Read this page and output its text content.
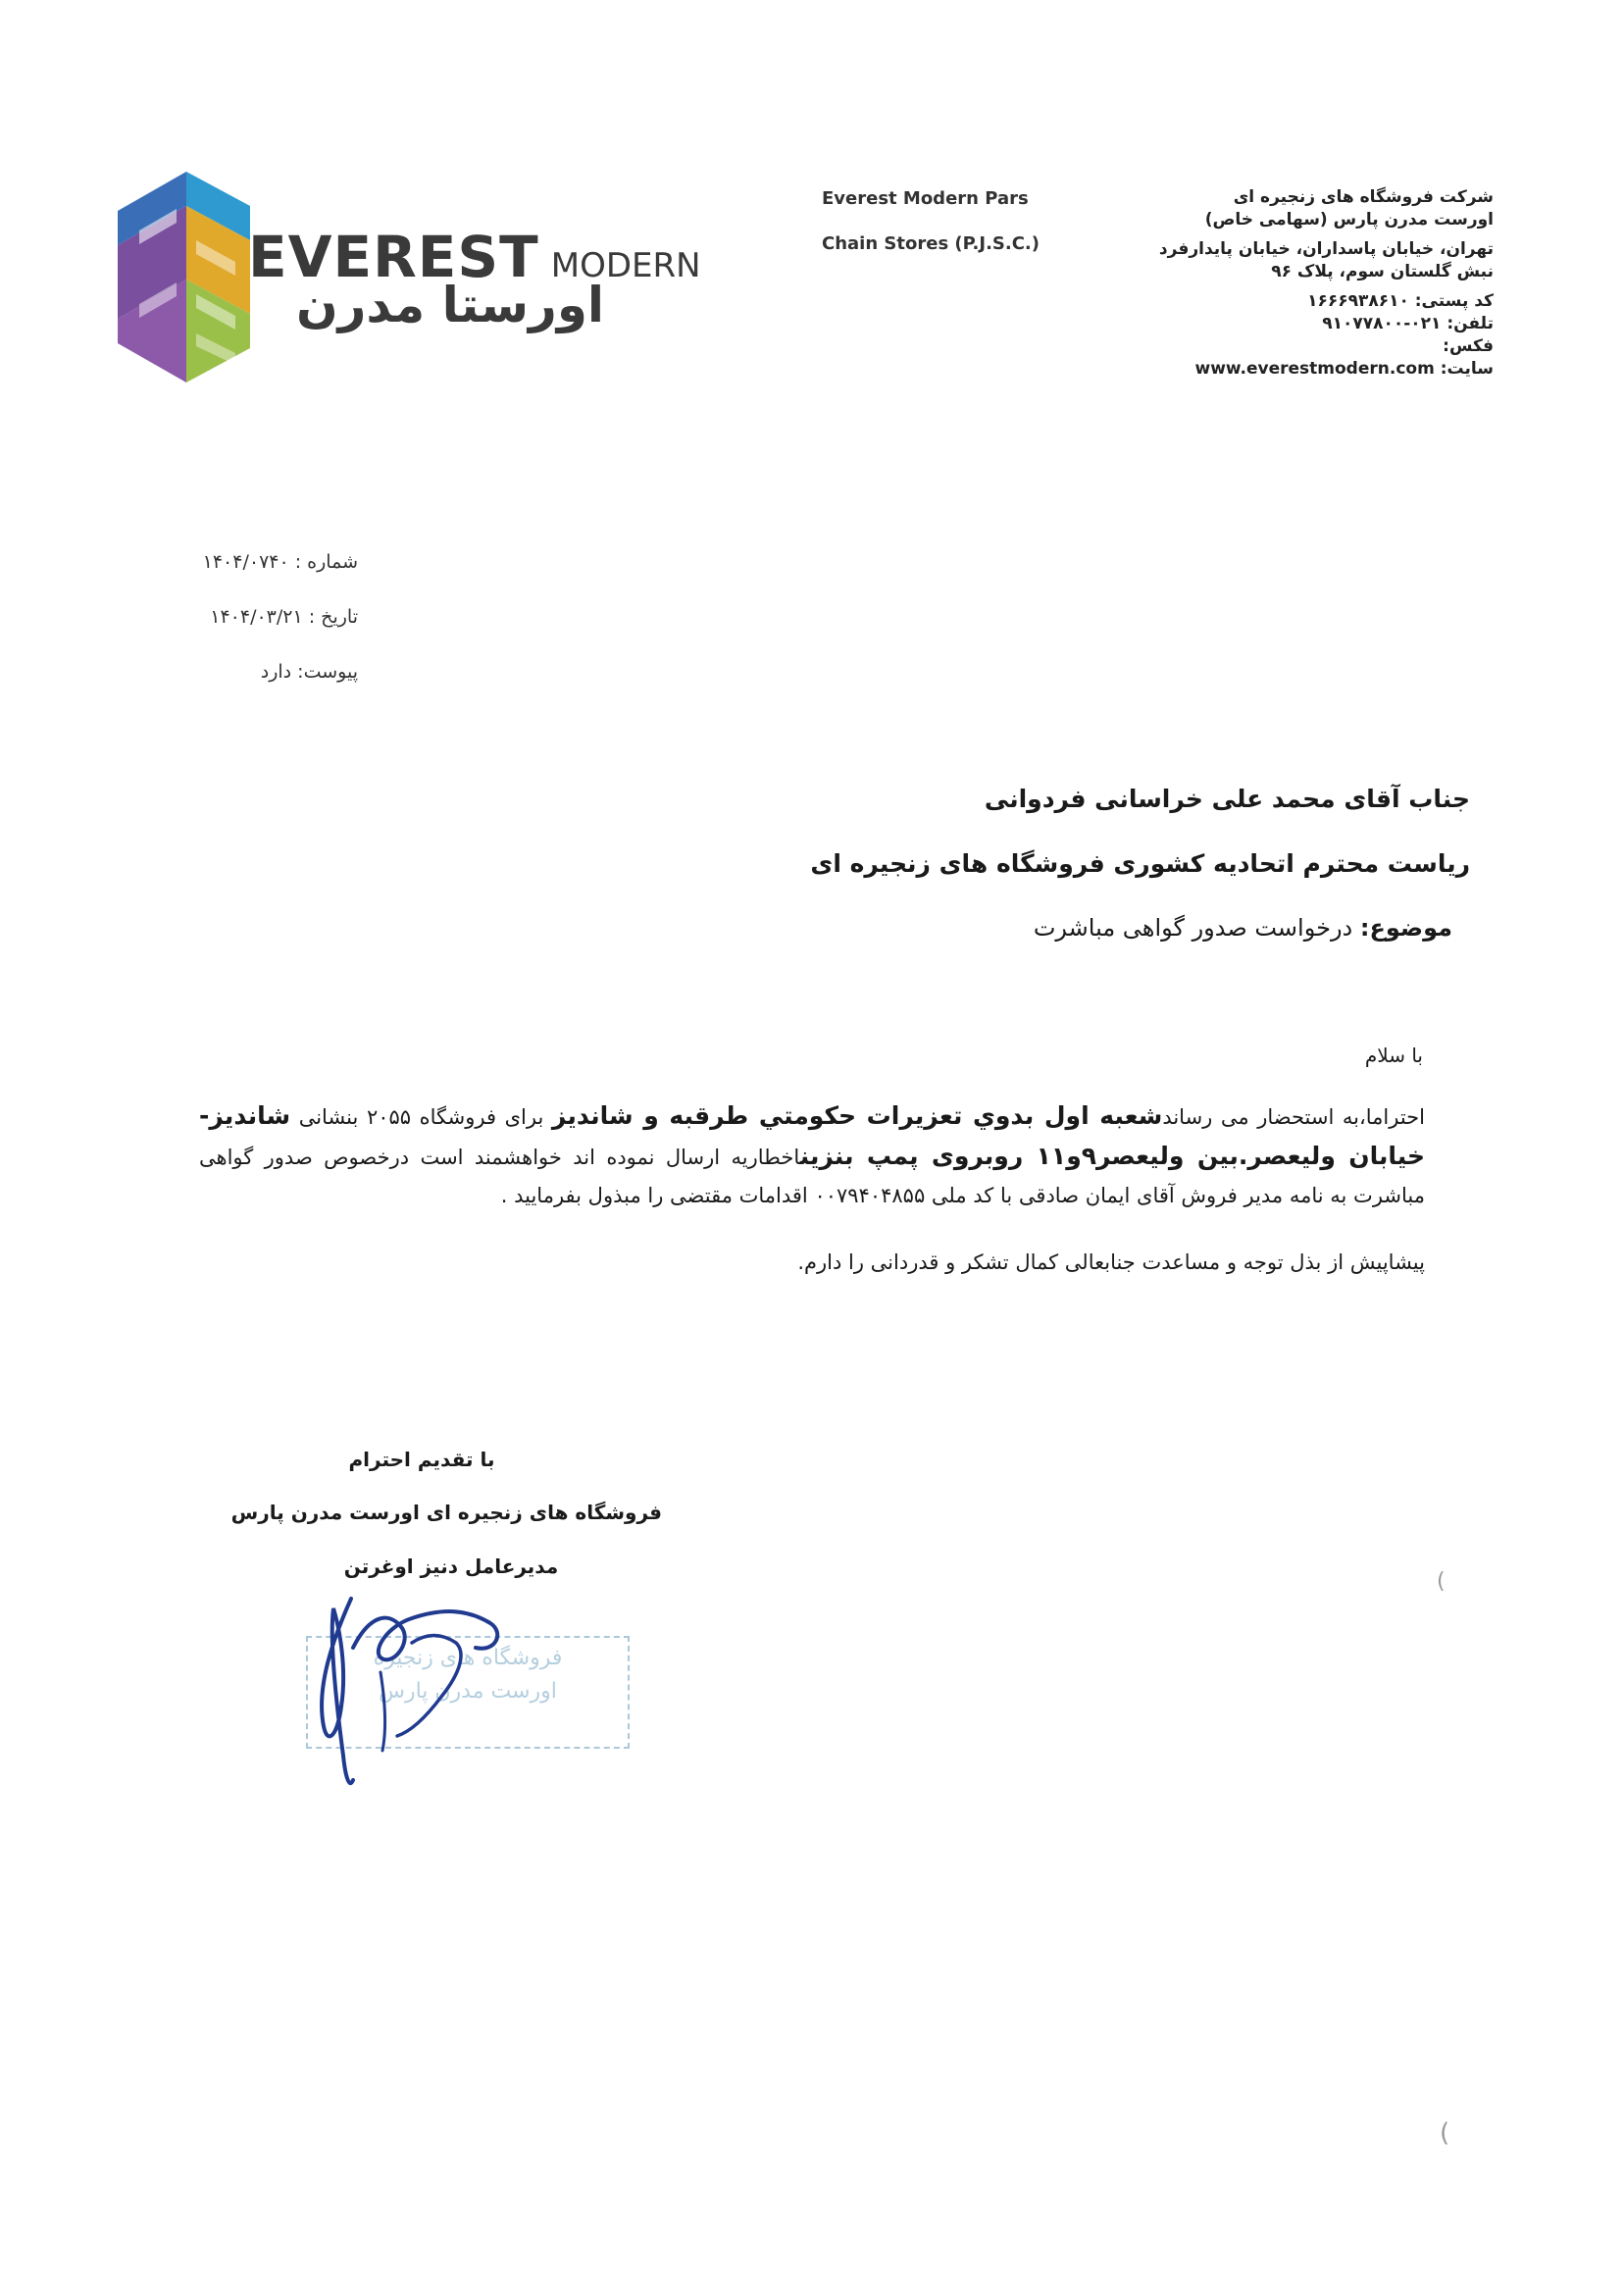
EVEREST MODERN
اورستا مدرن
Everest Modern Pars
Chain Stores (P.J.S.C.)
شرکت فروشگاه های زنجیره ای
اورست مدرن پارس (سهامی خاص)
تهران، خیابان پاسداران، خیابان پایدارفرد
نبش گلستان سوم، پلاک ۹۶
کد پستی: ۱۶۶۶۹۳۸۶۱۰
تلفن: ۰۲۱-۹۱۰۷۷۸۰۰
فکس:
سایت: www.everestmodern.com
شماره : ۱۴۰۴/۰۷۴۰
تاریخ : ۱۴۰۴/۰۳/۲۱
پیوست: دارد
جناب آقای محمد علی خراسانی فردوانی
ریاست محترم اتحادیه کشوری فروشگاه های زنجیره ای
موضوع: درخواست صدور گواهی مباشرت
با سلام
احتراما،به استحضار می رساندشعبه اول بدوي تعزيرات حكومتي طرقبه و شانديز برای فروشگاه ۲۰۵۵ بنشانی شانديز- خيابان وليعصر.بين وليعصر۹و۱۱ روبروی پمپ بنزيناخطاریه ارسال نموده اند خواهشمند است درخصوص صدور گواهی مباشرت به نامه مدیر فروش آقای ایمان صادقی با کد ملی ۰۰۷۹۴۰۴۸۵۵ اقدامات مقتضی را مبذول بفرمایید .
پیشاپیش از بذل توجه و مساعدت جنابعالی کمال تشکر و قدردانی را دارم.
با تقدیم احترام
فروشگاه های زنجیره ای اورست مدرن پارس
مدیرعامل دنیز اوغرتن
فروشگاه های زنجیره
اورست مدرن پارس
(
(
